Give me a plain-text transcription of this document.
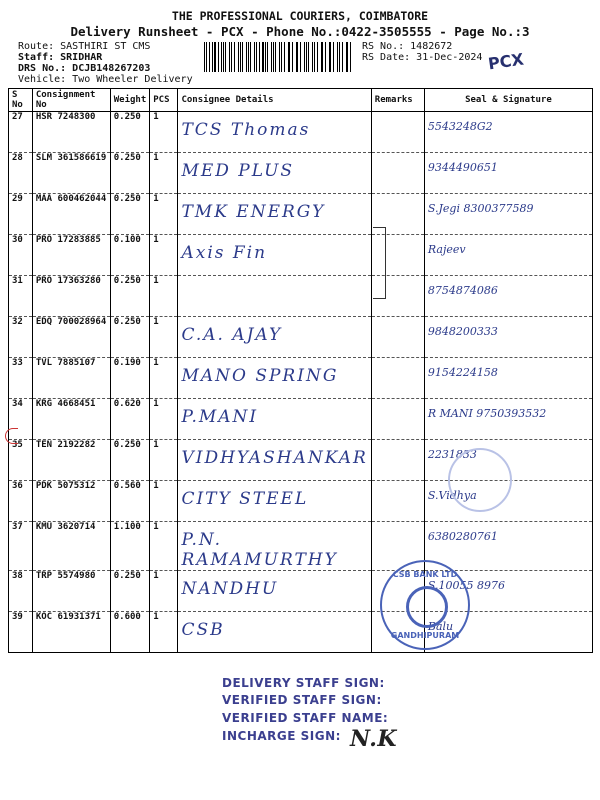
THE PROFESSIONAL COURIERS, COIMBATORE
Delivery Runsheet - PCX - Phone No.:0422-3505555 - Page No.:3
Route: SASTHIRI ST CMS
Staff: SRIDHAR
DRS No.: DCJB148267203
Vehicle: Two Wheeler Delivery
RS No.: 1482672
RS Date: 31-Dec-2024 PCX
S No	Consignment No	Weight	PCS	Consignee Details	Remarks	Seal & Signature
27	HSR 7248300	0.250	1	TCS Thomas		5543248G2
28	SLM 361586619	0.250	1	MED PLUS		9344490651
29	MAA 600462044	0.250	1	TMK ENERGY		S.Jegi 8300377589
30	PRO 17283885	0.100	1	Axis Fin		Rajeev
31	PRO 17363280	0.250	1			8754874086
32	EDQ 700028964	0.250	1	C.A. AJAY		9848200333
33	TVL 7885107	0.190	1	MANO SPRING		9154224158
34	KRG 4668451	0.620	1	P.MANI		R MANI 9750393532
35	TEN 2192282	0.250	1	VIDHYASHANKAR		2231833
36	PDK 5075312	0.560	1	CITY STEEL		S.Vidhya
37	KMU 3620714	1.100	1	P.N. RAMAMURTHY		6380280761
38	TRP 5574980	0.250	1	NANDHU		S.10055 8976
39	KOC 61931371	0.600	1	CSB		Balu
CSB BANK LTD
GANDHIPURAM
DELIVERY STAFF SIGN:
VERIFIED STAFF SIGN:
VERIFIED STAFF NAME:
INCHARGE SIGN: N.K
